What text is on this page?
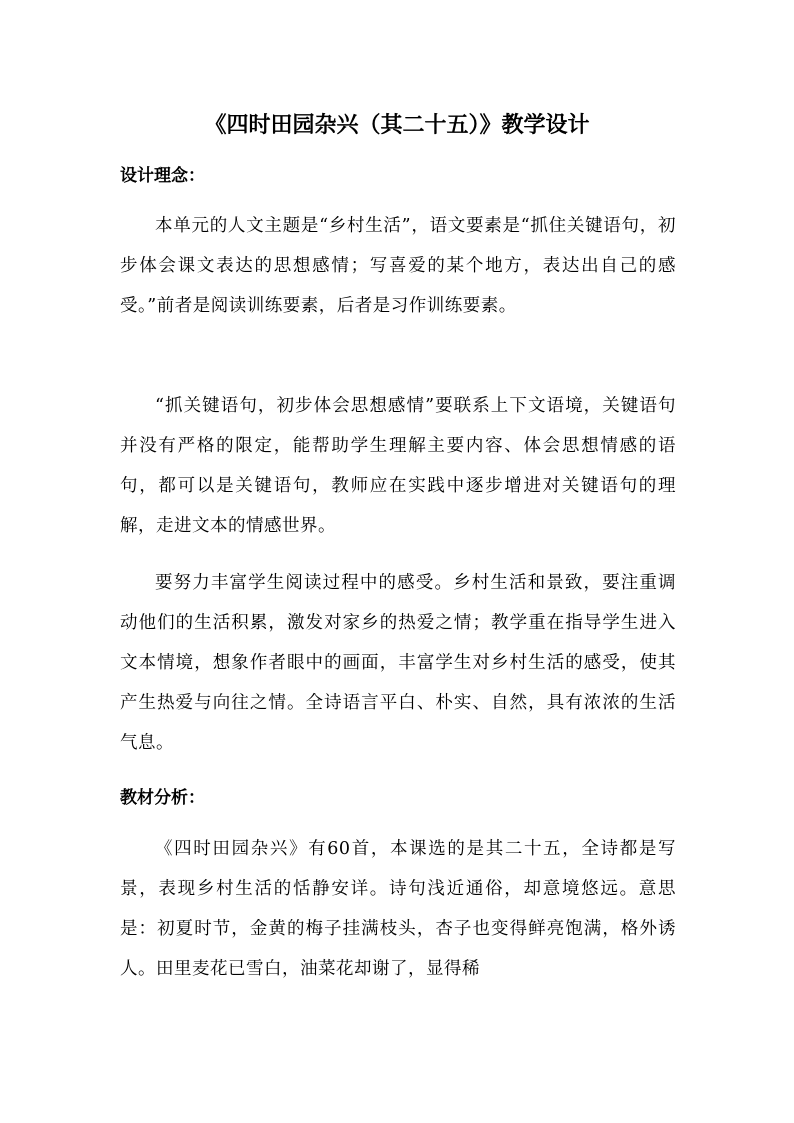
《四时田园杂兴（其二十五）》教学设计
设计理念：

本单元的人文主题是“乡村生活”，语文要素是“抓住关键语句，初步体会课文表达的思想感情；写喜爱的某个地方，表达出自己的感受。”前者是阅读训练要素，后者是习作训练要素。

“抓关键语句，初步体会思想感情”要联系上下文语境，关键语句并没有严格的限定，能帮助学生理解主要内容、体会思想情感的语句，都可以是关键语句，教师应在实践中逐步增进对关键语句的理解，走进文本的情感世界。

要努力丰富学生阅读过程中的感受。乡村生活和景致，要注重调动他们的生活积累，激发对家乡的热爱之情；教学重在指导学生进入文本情境，想象作者眼中的画面，丰富学生对乡村生活的感受，使其产生热爱与向往之情。全诗语言平白、朴实、自然，具有浓浓的生活气息。

教材分析：

《四时田园杂兴》有60首，本课选的是其二十五，全诗都是写景，表现乡村生活的恬静安详。诗句浅近通俗，却意境悠远。意思是：初夏时节，金黄的梅子挂满枝头，杏子也变得鲜亮饱满，格外诱人。田里麦花已雪白，油菜花却谢了，显得稀
